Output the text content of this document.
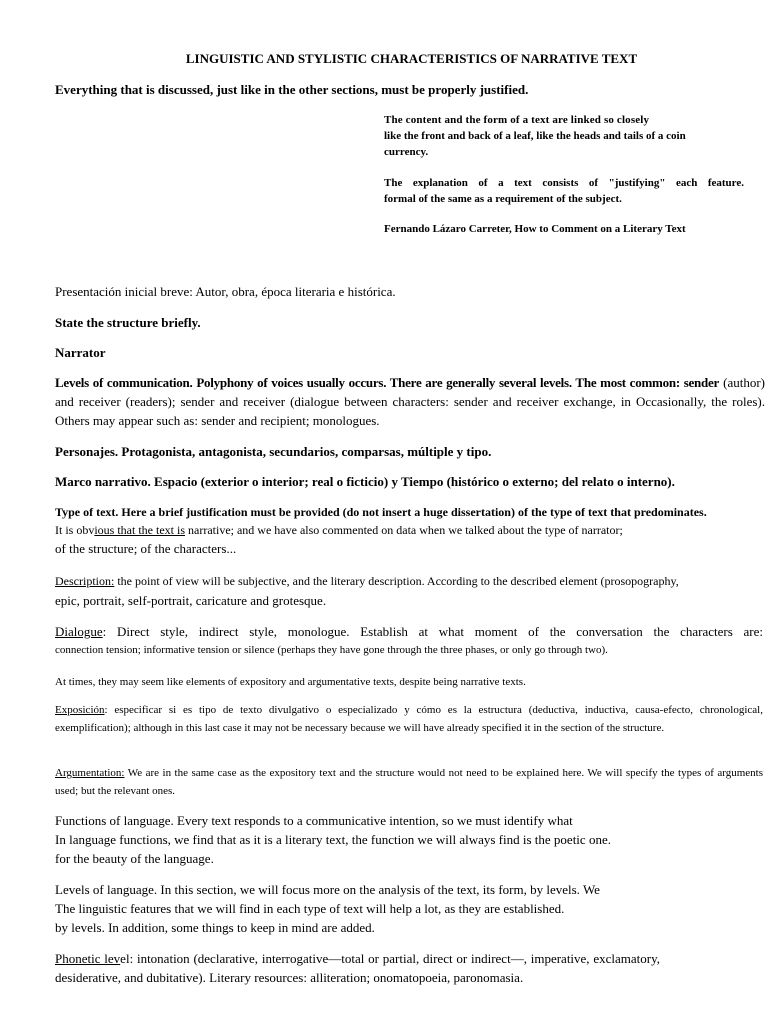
LINGUISTIC AND STYLISTIC CHARACTERISTICS OF NARRATIVE TEXT
Everything that is discussed, just like in the other sections, must be properly justified.
The content and the form of a text are linked so closely
like the front and back of a leaf, like the heads and tails of a coin
currency.
The explanation of a text consists of "justifying" each feature.
formal of the same as a requirement of the subject.
Fernando Lázaro Carreter, How to Comment on a Literary Text
Presentación inicial breve: Autor, obra, época literaria e histórica.
State the structure briefly.
Narrator
Levels of communication. Polyphony of voices usually occurs. There are generally several levels. The most common: sender (author) and receiver (readers); sender and receiver (dialogue between characters: sender and receiver exchange, in Occasionally, the roles). Others may appear such as: sender and recipient; monologues.
Personajes. Protagonista, antagonista, secundarios, comparsas, múltiple y tipo.
Marco narrativo. Espacio (exterior o interior; real o ficticio) y Tiempo (histórico o externo; del relato o interno).
Type of text. Here a brief justification must be provided (do not insert a huge dissertation) of the type of text that predominates.
It is obvious that the text is narrative; and we have also commented on data when we talked about the type of narrator;
of the structure; of the characters...
Description: the point of view will be subjective, and the literary description. According to the described element (prosopography,
epic, portrait, self-portrait, caricature and grotesque.
Dialogue: Direct style, indirect style, monologue. Establish at what moment of the conversation the characters are:
connection tension; informative tension or silence (perhaps they have gone through the three phases, or only go through two).
At times, they may seem like elements of expository and argumentative texts, despite being narrative texts.
Exposición: especificar si es tipo de texto divulgativo o especializado y cómo es la estructura (deductiva, inductiva, causa-efecto, chronological, exemplification); although in this last case it may not be necessary because we will have already specified it in the section of the structure.
Argumentation: We are in the same case as the expository text and the structure would not need to be explained here. We will specify the types of arguments used; but the relevant ones.
Functions of language. Every text responds to a communicative intention, so we must identify what
In language functions, we find that as it is a literary text, the function we will always find is the poetic one.
for the beauty of the language.
Levels of language. In this section, we will focus more on the analysis of the text, its form, by levels. We
The linguistic features that we will find in each type of text will help a lot, as they are established.
by levels. In addition, some things to keep in mind are added.
Phonetic level: intonation (declarative, interrogative—total or partial, direct or indirect—, imperative, exclamatory, desiderative, and dubitative). Literary resources: alliteration; onomatopoeia, paronomasia.
